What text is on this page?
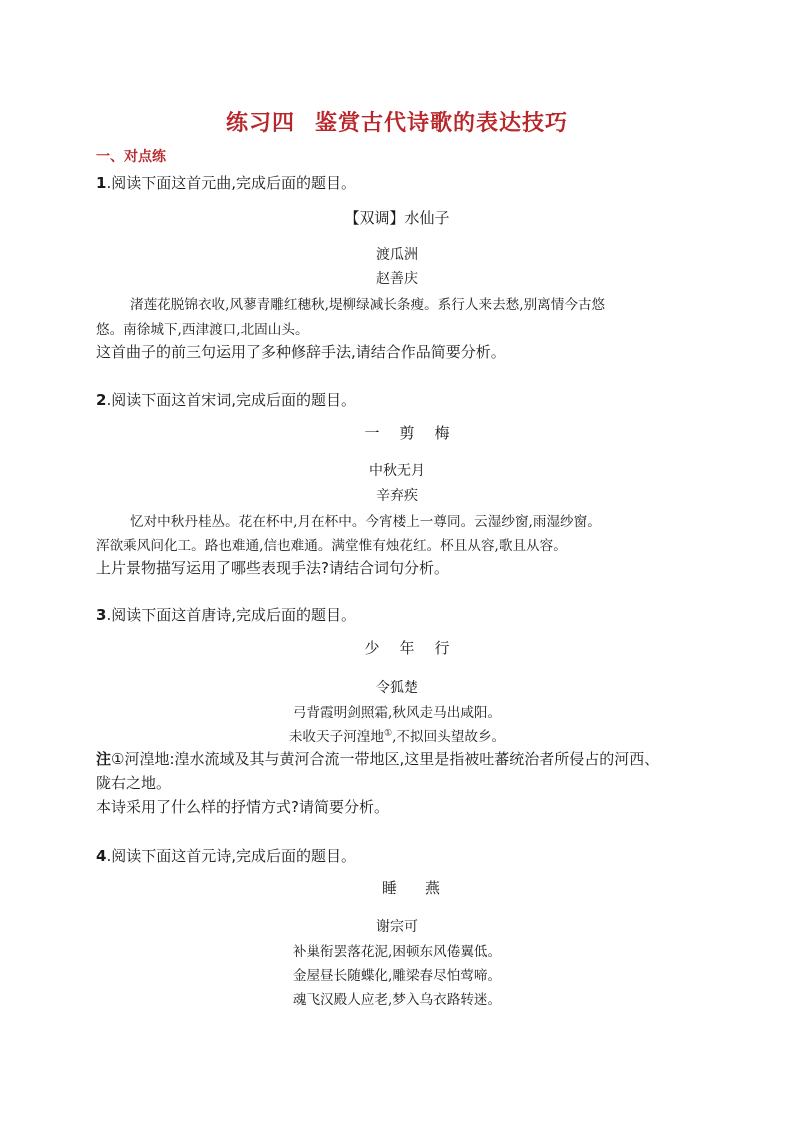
练习四 鉴赏古代诗歌的表达技巧
一、对点练
1.阅读下面这首元曲,完成后面的题目。
【双调】水仙子
渡瓜洲
赵善庆
渚莲花脱锦衣收,风蓼青雕红穗秋,堤柳绿减长条瘦。系行人来去愁,别离情今古悠
悠。南徐城下,西津渡口,北固山头。
这首曲子的前三句运用了多种修辞手法,请结合作品简要分析。
2.阅读下面这首宋词,完成后面的题目。
一剪梅
中秋无月
辛弃疾
忆对中秋丹桂丛。花在杯中,月在杯中。今宵楼上一尊同。云湿纱窗,雨湿纱窗。
浑欲乘风问化工。路也难通,信也难通。满堂惟有烛花红。杯且从容,歌且从容。
上片景物描写运用了哪些表现手法?请结合词句分析。
3.阅读下面这首唐诗,完成后面的题目。
少年行
令狐楚
弓背霞明剑照霜,秋风走马出咸阳。
未收天子河湟地①,不拟回头望故乡。
注①河湟地:湟水流域及其与黄河合流一带地区,这里是指被吐蕃统治者所侵占的河西、
陇右之地。
本诗采用了什么样的抒情方式?请简要分析。
4.阅读下面这首元诗,完成后面的题目。
睡燕
谢宗可
补巢衔罢落花泥,困顿东风倦翼低。
金屋昼长随蝶化,雕梁春尽怕莺啼。
魂飞汉殿人应老,梦入乌衣路转迷。
